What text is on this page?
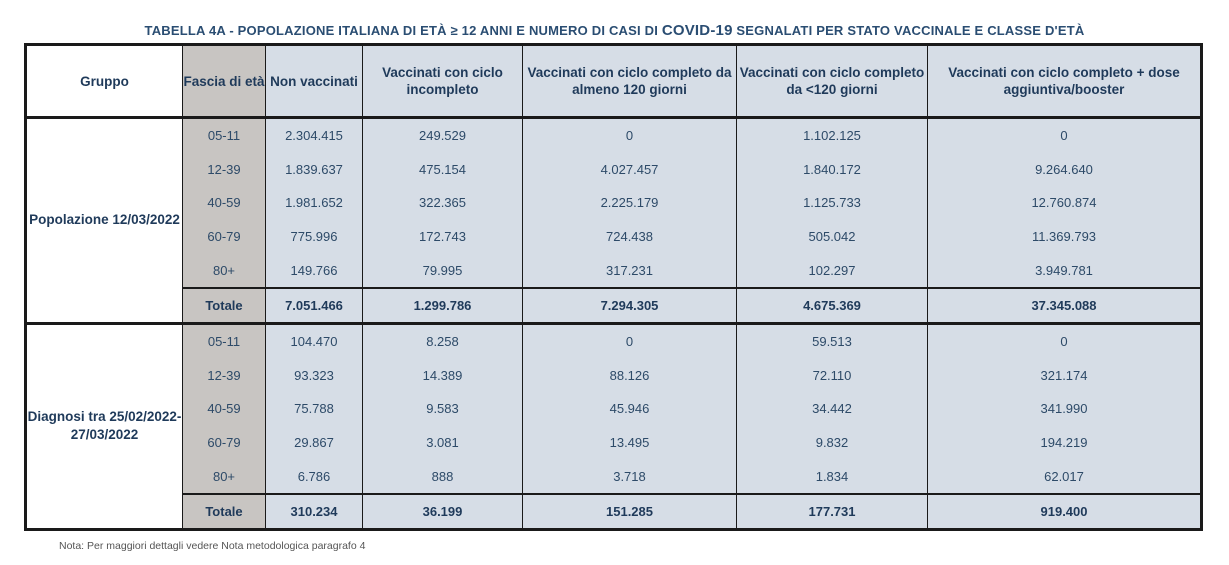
TABELLA 4A - POPOLAZIONE ITALIANA DI ETÀ ≥ 12 ANNI E NUMERO DI CASI DI COVID-19 SEGNALATI PER STATO VACCINALE E CLASSE D'ETÀ
Gruppo	Fascia di età	Non vaccinati	Vaccinati con ciclo incompleto	Vaccinati con ciclo completo da almeno 120 giorni	Vaccinati con ciclo completo da <120 giorni	Vaccinati con ciclo completo + dose aggiuntiva/booster
Popolazione 12/03/2022	05-11	2.304.415	249.529	0	1.102.125	0
	12-39	1.839.637	475.154	4.027.457	1.840.172	9.264.640
	40-59	1.981.652	322.365	2.225.179	1.125.733	12.760.874
	60-79	775.996	172.743	724.438	505.042	11.369.793
	80+	149.766	79.995	317.231	102.297	3.949.781
	Totale	7.051.466	1.299.786	7.294.305	4.675.369	37.345.088
Diagnosi tra 25/02/2022-27/03/2022	05-11	104.470	8.258	0	59.513	0
	12-39	93.323	14.389	88.126	72.110	321.174
	40-59	75.788	9.583	45.946	34.442	341.990
	60-79	29.867	3.081	13.495	9.832	194.219
	80+	6.786	888	3.718	1.834	62.017
	Totale	310.234	36.199	151.285	177.731	919.400
Nota: Per maggiori dettagli vedere Nota metodologica paragrafo 4
